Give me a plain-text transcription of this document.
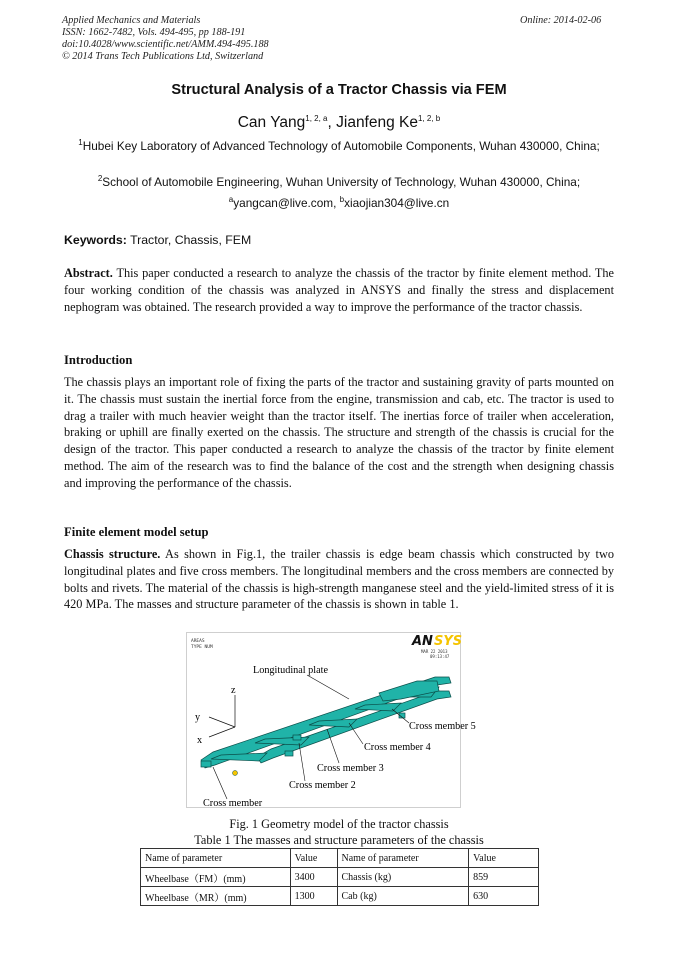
Applied Mechanics and Materials	Online: 2014-02-06
ISSN: 1662-7482, Vols. 494-495, pp 188-191
doi:10.4028/www.scientific.net/AMM.494-495.188
© 2014 Trans Tech Publications Ltd, Switzerland
Structural Analysis of a Tractor Chassis via FEM
Can Yang$^{1, 2, a}$, Jianfeng Ke$^{1, 2, b}$
$^1$Hubei Key Laboratory of Advanced Technology of Automobile Components, Wuhan 430000, China;
$^2$School of Automobile Engineering, Wuhan University of Technology, Wuhan 430000, China;
$^a$yangcan@live.com, $^b$xiaojian304@live.cn
Keywords: Tractor, Chassis, FEM
Abstract. This paper conducted a research to analyze the chassis of the tractor by finite element method. The four working condition of the chassis was analyzed in ANSYS and finally the stress and displacement nephogram was obtained. The research provided a way to improve the performance of the tractor chassis.
Introduction
The chassis plays an important role of fixing the parts of the tractor and sustaining gravity of parts mounted on it. The chassis must sustain the inertial force from the engine, transmission and cab, etc. The tractor is used to drag a trailer with much heavier weight than the tractor itself. The inertias force of trailer when acceleration, braking or uphill are finally exerted on the chassis. The structure and strength of the chassis is crucial for the design of the tractor. This paper conducted a research to analyze the chassis of the tractor by finite element method. The aim of the research was to find the balance of the cost and the strength when designing chassis and improving the performance of the chassis.
Finite element model setup
Chassis structure. As shown in Fig.1, the trailer chassis is edge beam chassis which constructed by two longitudinal plates and five cross members. The longitudinal members and the cross members are connected by bolts and rivets. The material of the chassis is high-strength manganese steel and the yield-limited stress of it is 420 MPa. The masses and structure parameter of the chassis is shown in table 1.
AREAS
TYPE NUM	AN SYS
MAR 22 2013
09:13:47
z
y
x
Longitudinal plate
Cross member 5
Cross member 4
Cross member 3
Cross member 2
Cross member
Fig. 1 Geometry model of the tractor chassis
Table 1 The masses and structure parameters of the chassis
Name of parameter	Value	Name of parameter	Value
Wheelbase（FM）(mm)	3400	Chassis (kg)	859
Wheelbase（MR）(mm)	1300	Cab (kg)	630
